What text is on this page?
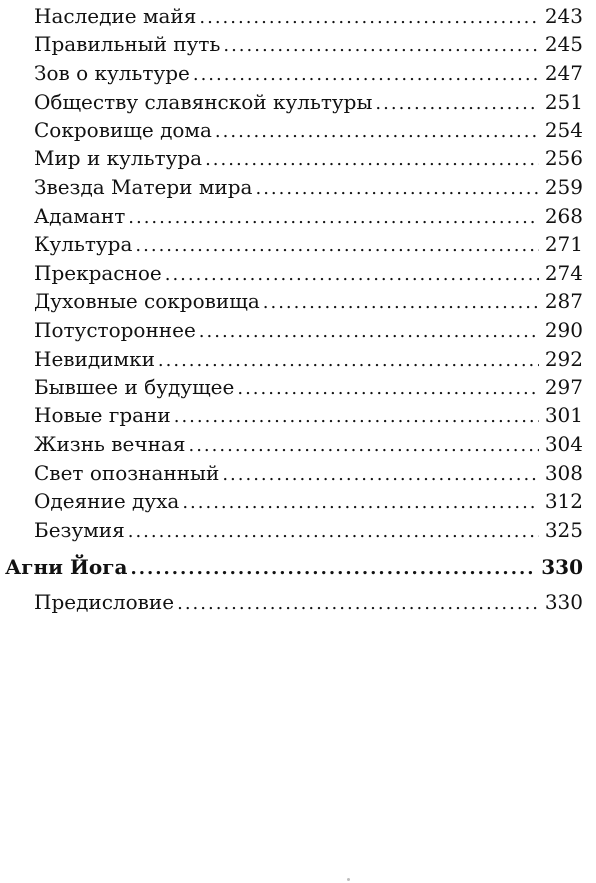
Наследие майя .....	243
Правильный путь .....	245
Зов о культуре .....	247
Обществу славянской культуры .....	251
Сокровище дома .....	254
Мир и культура .....	256
Звезда Матери мира .....	259
Адамант .....	268
Культура .....	271
Прекрасное .....	274
Духовные сокровища .....	287
Потустороннее .....	290
Невидимки .....	292
Бывшее и будущее .....	297
Новые грани .....	301
Жизнь вечная .....	304
Свет опознанный .....	308
Одеяние духа .....	312
Безумия .....	325
Агни Йога .....	330
Предисловие .....	330
